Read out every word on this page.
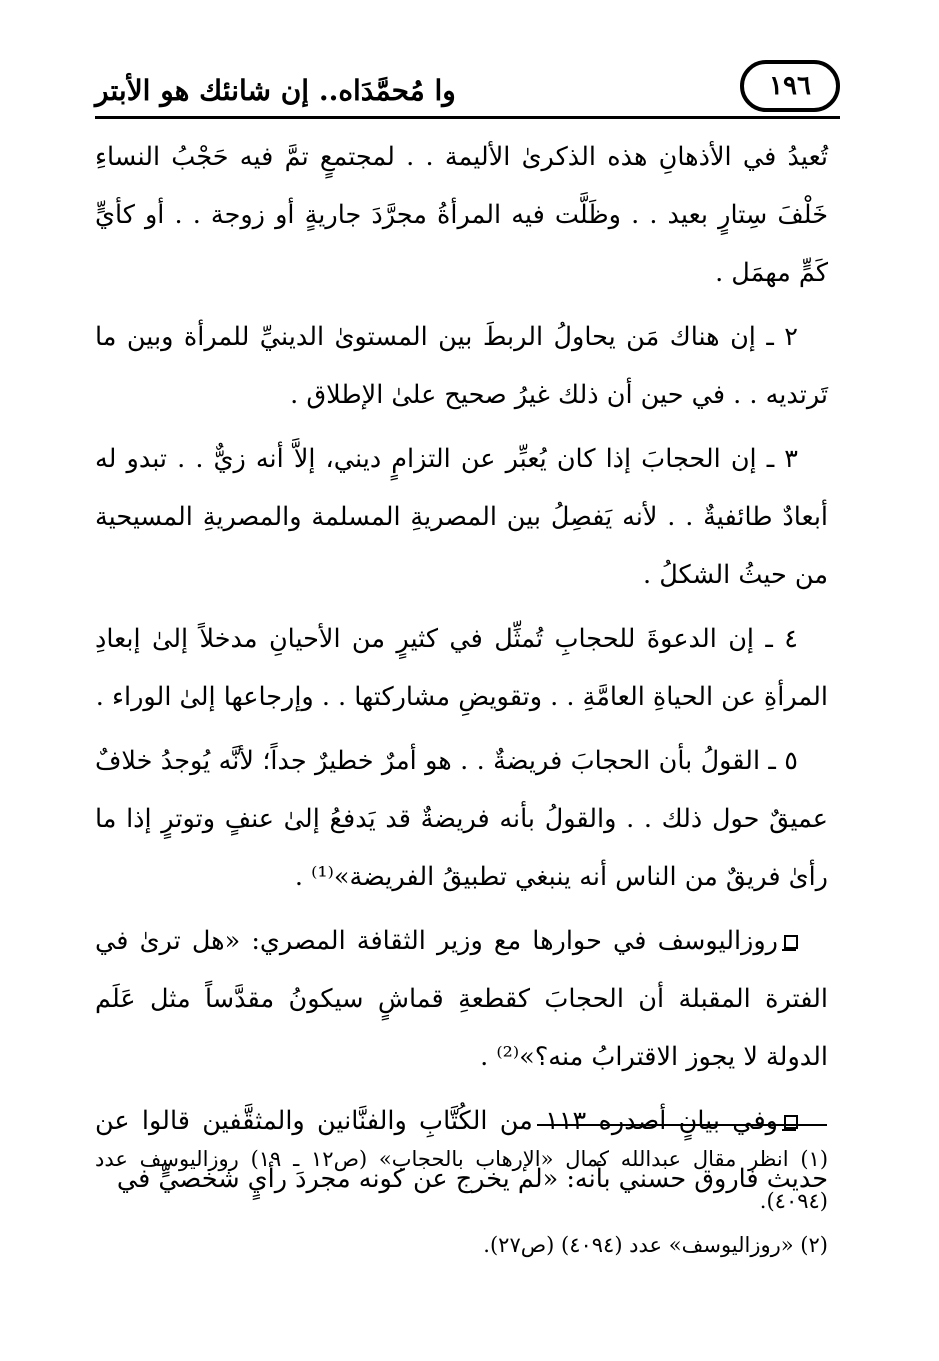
وا مُحمَّدَاه.. إن شانئك هو الأبتر	١٩٦

تُعيدُ في الأذهانِ هذه الذكرىٰ الأليمة . . لمجتمعٍ تمَّ فيه حَجْبُ النساءِ خَلْفَ سِتارٍ بعيد . . وظَلَّت فيه المرأةُ مجرَّدَ جاريةٍ أو زوجة . . أو كأيٍّ كَمٍّ مهمَل .

٢ ـ إن هناك مَن يحاولُ الربطَ بين المستوىٰ الدينيِّ للمرأة وبين ما تَرتديه . . في حين أن ذلك غيرُ صحيح علىٰ الإطلاق .

٣ ـ إن الحجابَ إذا كان يُعبِّر عن التزامٍ ديني، إلاَّ أنه زيٌّ . . تبدو له أبعادٌ طائفيةٌ . . لأنه يَفصِلُ بين المصريةِ المسلمة والمصريةِ المسيحية من حيثُ الشكلُ .

٤ ـ إن الدعوةَ للحجابِ تُمثِّل في كثيرٍ من الأحيانِ مدخلاً إلىٰ إبعادِ المرأةِ عن الحياةِ العامَّةِ . . وتقويضِ مشاركتها . . وإرجاعها إلىٰ الوراء .

٥ ـ القولُ بأن الحجابَ فريضةٌ . . هو أمرٌ خطيرٌ جداً؛ لأنَّه يُوجدُ خلافٌ عميقٌ حول ذلك . . والقولُ بأنه فريضةٌ قد يَدفعُ إلىٰ عنفٍ وتوترٍ إذا ما رأىٰ فريقٌ من الناس أنه ينبغي تطبيقُ الفريضة»⁽¹⁾ .

روزاليوسف في حوارها مع وزير الثقافة المصري: «هل ترىٰ في الفترة المقبلة أن الحجابَ كقطعةِ قماشٍ سيكونُ مقدَّساً مثل عَلَم الدولة لا يجوز الاقترابُ منه؟»⁽²⁾ .

وفي بيانٍ أصدره ١١٣ من الكُتَّابِ والفنَّانين والمثقَّفين قالوا عن حديث فاروق حسني بأنه: «لم يخرج عن كونه مجردَ رأيٍ شخصيٍّ في

(١) انظر مقال عبدالله كمال «الإرهاب بالحجاب» (ص١٢ ـ ١٩) روزاليوسف عدد (٤٠٩٤).

(٢) «روزاليوسف» عدد (٤٠٩٤) (ص٢٧).
